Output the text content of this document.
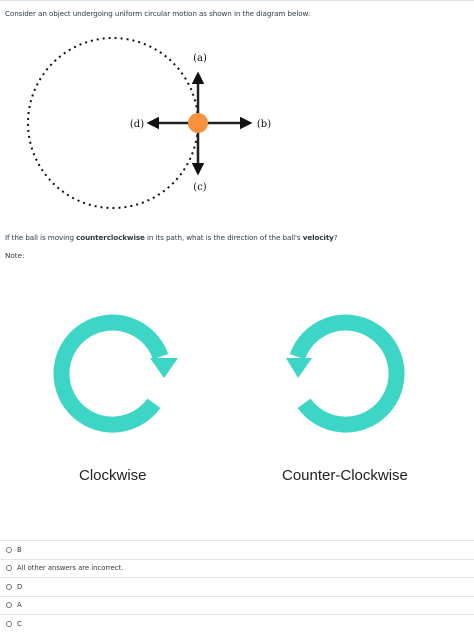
Consider an object undergoing uniform circular motion as shown in the diagram below:
(a)
(b)
(c)
(d)
If the ball is moving counterclockwise in its path, what is the direction of the ball's velocity?
Note:
Clockwise	Counter-Clockwise
B
All other answers are incorrect.
D
A
C
